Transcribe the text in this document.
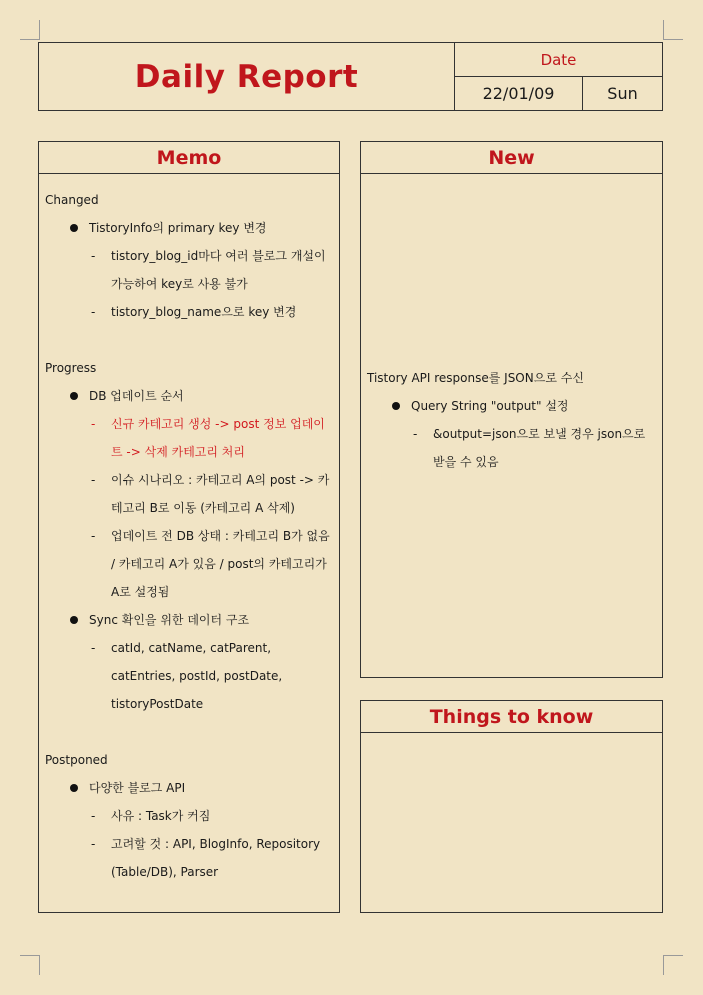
Daily Report	Date
22/01/09	Sun
Memo
Changed
TistoryInfo의 primary key 변경
- tistory_blog_id마다 여러 블로그 개설이 가능하여 key로 사용 불가
- tistory_blog_name으로 key 변경
Progress
DB 업데이트 순서
- 신규 카테고리 생성 -> post 정보 업데이트 -> 삭제 카테고리 처리
- 이슈 시나리오 : 카테고리 A의 post -> 카테고리 B로 이동 (카테고리 A 삭제)
- 업데이트 전 DB 상태 : 카테고리 B가 없음 / 카테고리 A가 있음 / post의 카테고리가 A로 설정됨
Sync 확인을 위한 데이터 구조
- catId, catName, catParent, catEntries, postId, postDate, tistoryPostDate
Postponed
다양한 블로그 API
- 사유 : Task가 커짐
- 고려할 것 : API, BlogInfo, Repository (Table/DB), Parser
New
Tistory API response를 JSON으로 수신
Query String "output" 설정
- &output=json으로 보낼 경우 json으로 받을 수 있음
Things to know
